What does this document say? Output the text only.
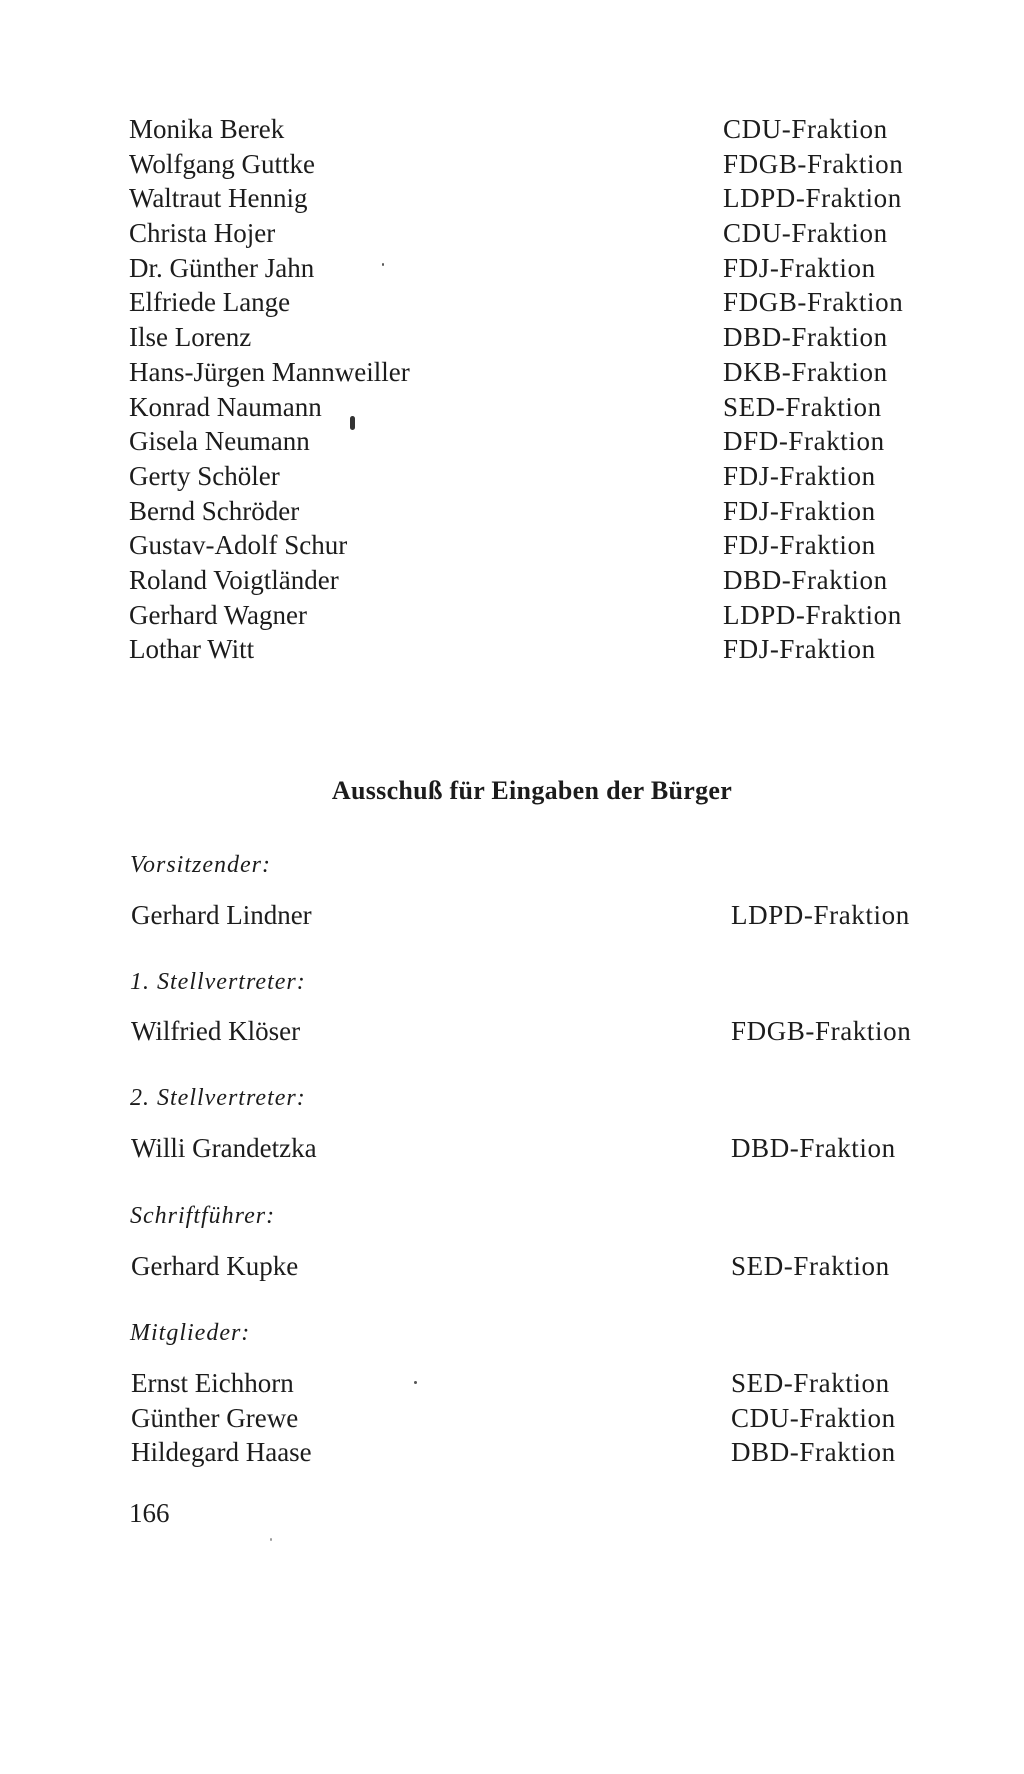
Monika Berek	CDU-Fraktion
Wolfgang Guttke	FDGB-Fraktion
Waltraut Hennig	LDPD-Fraktion
Christa Hojer	CDU-Fraktion
Dr. Günther Jahn	FDJ-Fraktion
Elfriede Lange	FDGB-Fraktion
Ilse Lorenz	DBD-Fraktion
Hans-Jürgen Mannweiller	DKB-Fraktion
Konrad Naumann	SED-Fraktion
Gisela Neumann	DFD-Fraktion
Gerty Schöler	FDJ-Fraktion
Bernd Schröder	FDJ-Fraktion
Gustav-Adolf Schur	FDJ-Fraktion
Roland Voigtländer	DBD-Fraktion
Gerhard Wagner	LDPD-Fraktion
Lothar Witt	FDJ-Fraktion
Ausschuß für Eingaben der Bürger
Vorsitzender:
Gerhard Lindner	LDPD-Fraktion
1. Stellvertreter:
Wilfried Klöser	FDGB-Fraktion
2. Stellvertreter:
Willi Grandetzka	DBD-Fraktion
Schriftführer:
Gerhard Kupke	SED-Fraktion
Mitglieder:
Ernst Eichhorn	SED-Fraktion
Günther Grewe	CDU-Fraktion
Hildegard Haase	DBD-Fraktion
166
